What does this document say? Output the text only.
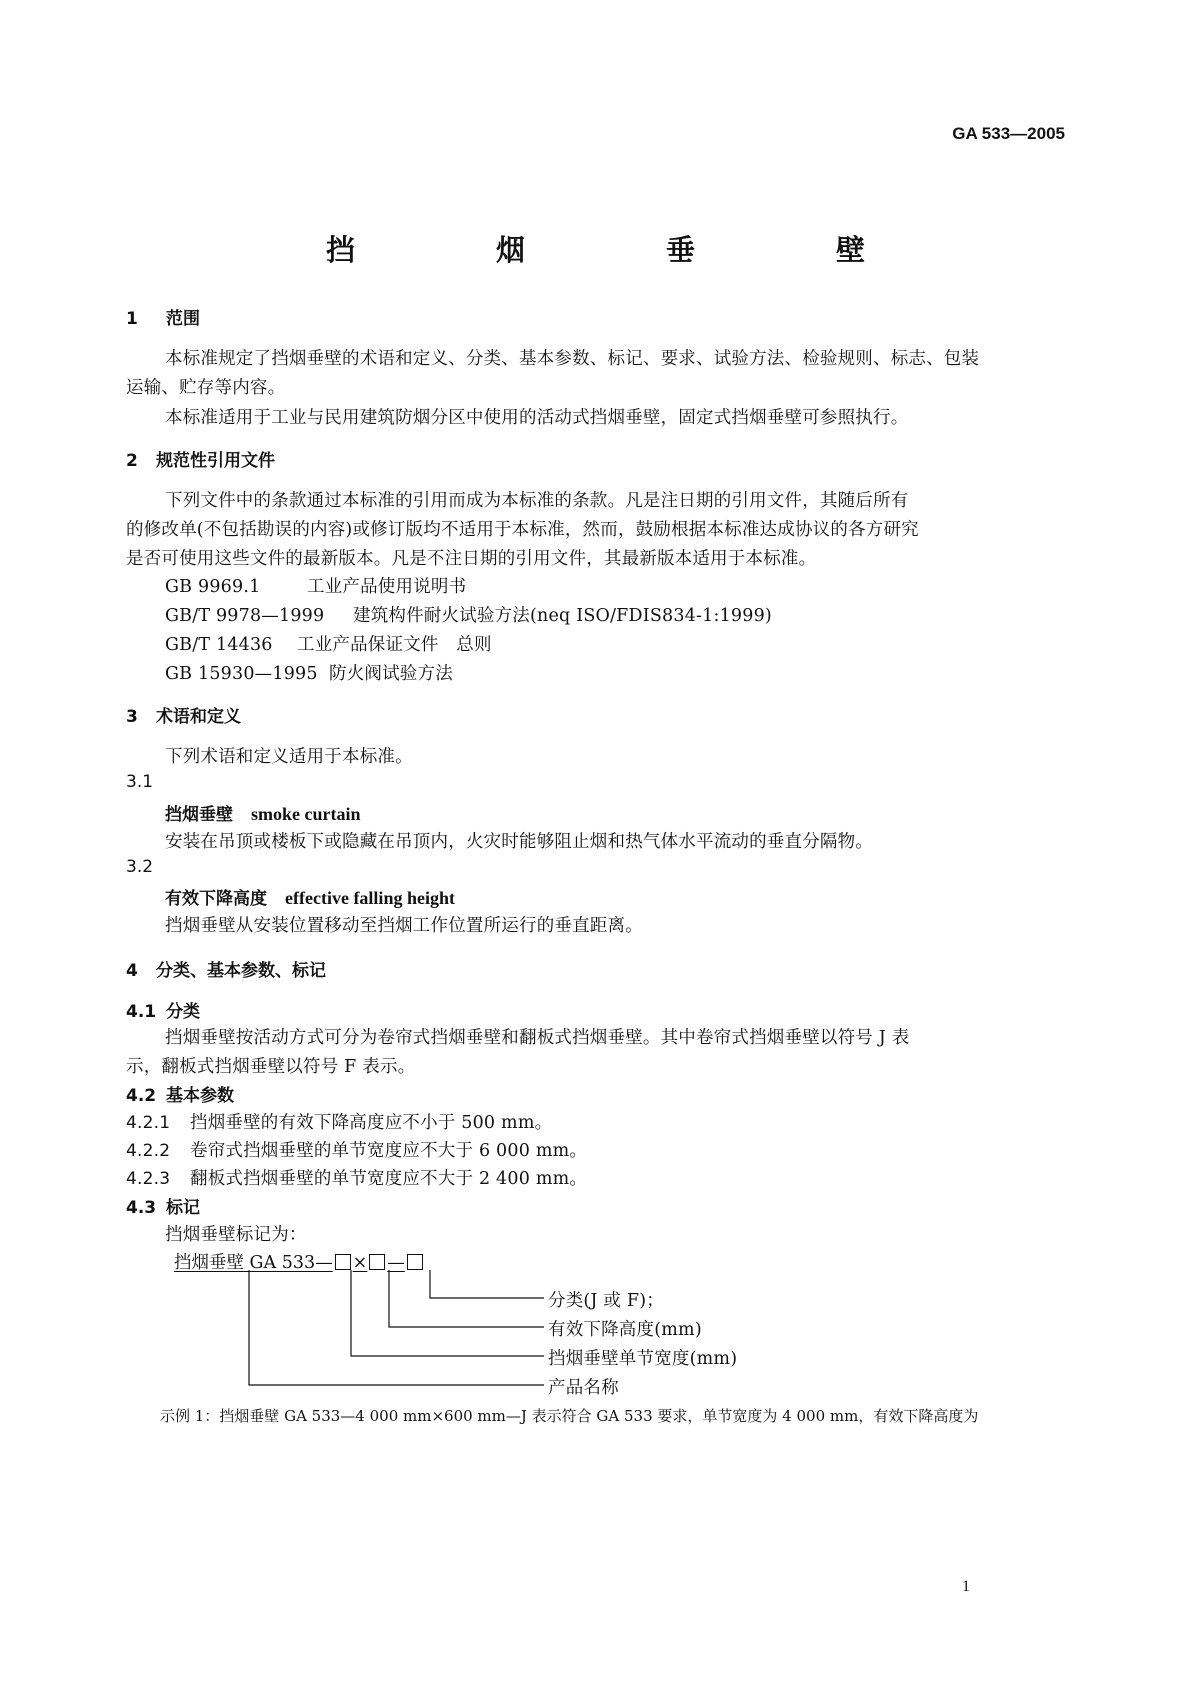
GA 533—2005
挡　烟　垂　壁
1 范围
本标准规定了挡烟垂壁的术语和定义、分类、基本参数、标记、要求、试验方法、检验规则、标志、包装
运输、贮存等内容。
本标准适用于工业与民用建筑防烟分区中使用的活动式挡烟垂壁，固定式挡烟垂壁可参照执行。
2 规范性引用文件
下列文件中的条款通过本标准的引用而成为本标准的条款。凡是注日期的引用文件，其随后所有
的修改单(不包括勘误的内容)或修订版均不适用于本标准，然而，鼓励根据本标准达成协议的各方研究
是否可使用这些文件的最新版本。凡是不注日期的引用文件，其最新版本适用于本标准。
GB 9969.1	工业产品使用说明书
GB/T 9978—1999 建筑构件耐火试验方法(neq ISO/FDIS834-1:1999)
GB/T 14436 工业产品保证文件　总则
GB 15930—1995 防火阀试验方法
3 术语和定义
下列术语和定义适用于本标准。
3.1
挡烟垂壁 smoke curtain
安装在吊顶或楼板下或隐藏在吊顶内，火灾时能够阻止烟和热气体水平流动的垂直分隔物。
3.2
有效下降高度 effective falling height
挡烟垂壁从安装位置移动至挡烟工作位置所运行的垂直距离。
4 分类、基本参数、标记
4.1 分类
挡烟垂壁按活动方式可分为卷帘式挡烟垂壁和翻板式挡烟垂壁。其中卷帘式挡烟垂壁以符号 J 表
示，翻板式挡烟垂壁以符号 F 表示。
4.2 基本参数
4.2.1 挡烟垂壁的有效下降高度应不小于 500 mm。
4.2.2 卷帘式挡烟垂壁的单节宽度应不大于 6 000 mm。
4.2.3 翻板式挡烟垂壁的单节宽度应不大于 2 400 mm。
4.3 标记
挡烟垂壁标记为：
挡烟垂壁 GA 533— × —
分类(J 或 F)；
有效下降高度(mm)
挡烟垂壁单节宽度(mm)
产品名称
示例 1：挡烟垂壁 GA 533—4 000 mm×600 mm—J 表示符合 GA 533 要求，单节宽度为 4 000 mm，有效下降高度为
1
